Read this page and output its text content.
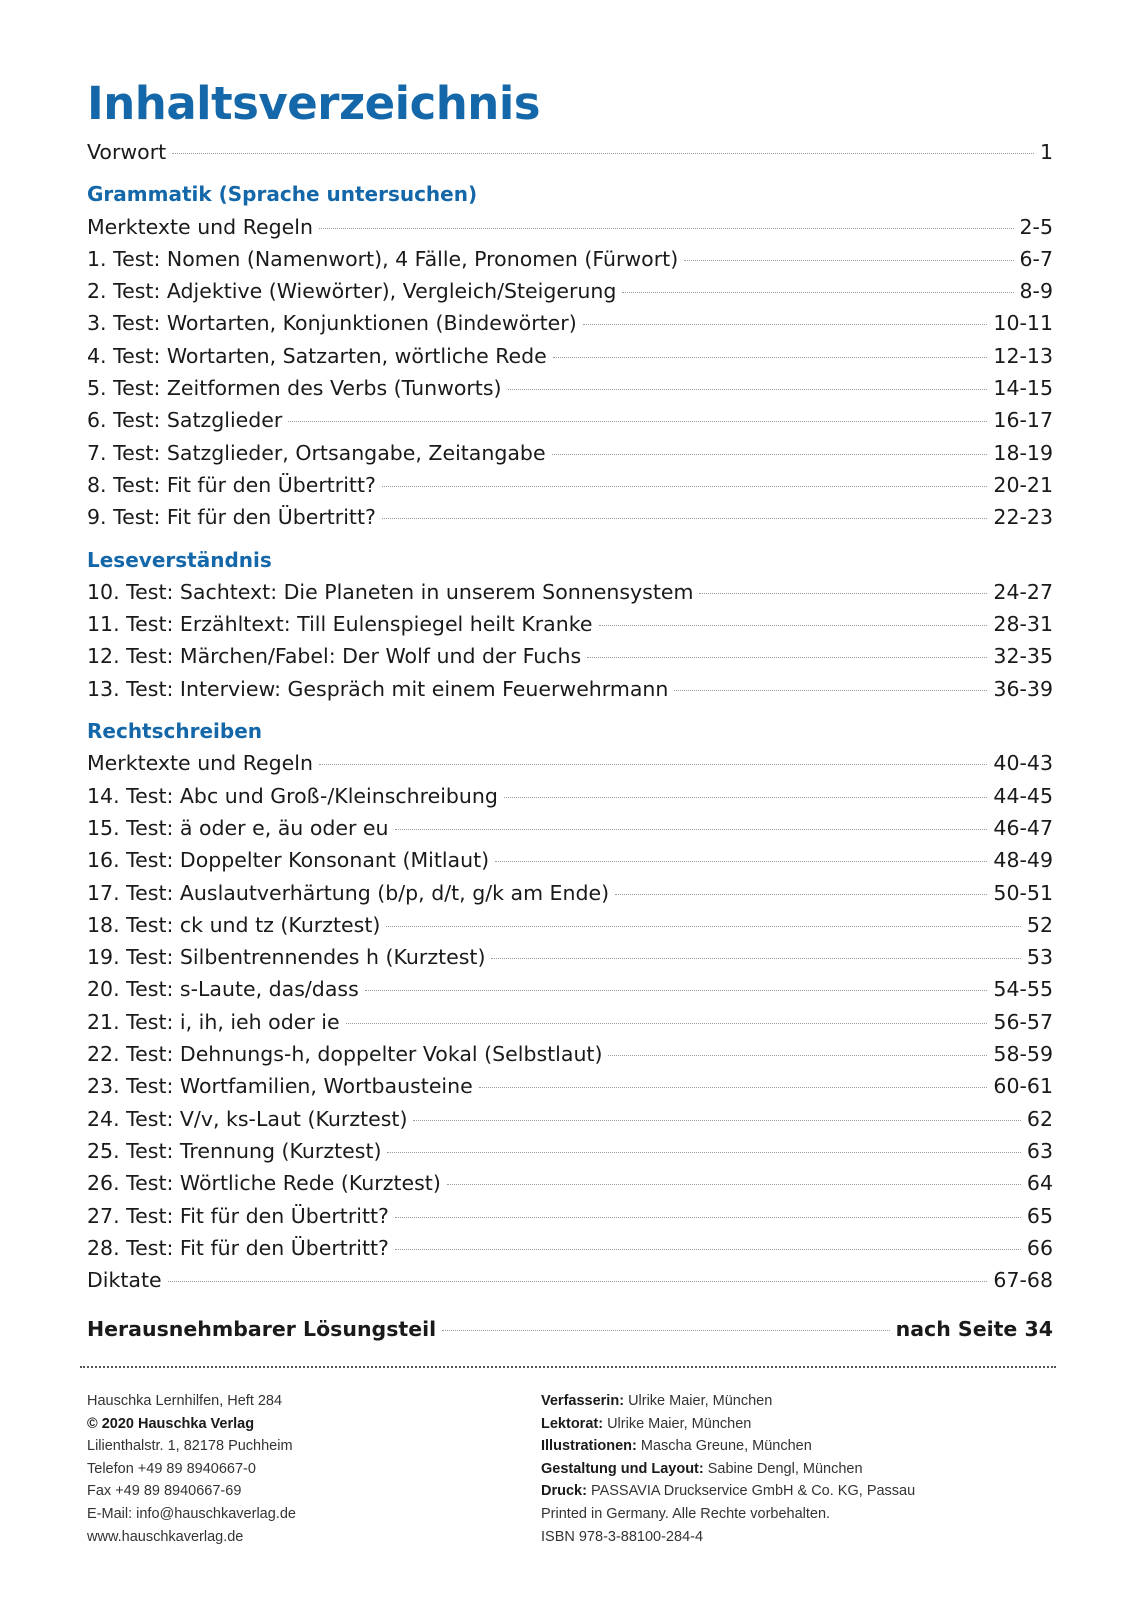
Inhaltsverzeichnis
Vorwort	1
Grammatik (Sprache untersuchen)
Merktexte und Regeln	2-5
1. Test: Nomen (Namenwort), 4 Fälle, Pronomen (Fürwort)	6-7
2. Test: Adjektive (Wiewörter), Vergleich/Steigerung	8-9
3. Test: Wortarten, Konjunktionen (Bindewörter)	10-11
4. Test: Wortarten, Satzarten, wörtliche Rede	12-13
5. Test: Zeitformen des Verbs (Tunworts)	14-15
6. Test: Satzglieder	16-17
7. Test: Satzglieder, Ortsangabe, Zeitangabe	18-19
8. Test: Fit für den Übertritt?	20-21
9. Test: Fit für den Übertritt?	22-23
Leseverständnis
10. Test: Sachtext: Die Planeten in unserem Sonnensystem	24-27
11. Test: Erzähltext: Till Eulenspiegel heilt Kranke	28-31
12. Test: Märchen/Fabel: Der Wolf und der Fuchs	32-35
13. Test: Interview: Gespräch mit einem Feuerwehrmann	36-39
Rechtschreiben
Merktexte und Regeln	40-43
14. Test: Abc und Groß-/Kleinschreibung	44-45
15. Test: ä oder e, äu oder eu	46-47
16. Test: Doppelter Konsonant (Mitlaut)	48-49
17. Test: Auslautverhärtung (b/p, d/t, g/k am Ende)	50-51
18. Test: ck und tz (Kurztest)	52
19. Test: Silbentrennendes h (Kurztest)	53
20. Test: s-Laute, das/dass	54-55
21. Test: i, ih, ieh oder ie	56-57
22. Test: Dehnungs-h, doppelter Vokal (Selbstlaut)	58-59
23. Test: Wortfamilien, Wortbausteine	60-61
24. Test: V/v, ks-Laut (Kurztest)	62
25. Test: Trennung (Kurztest)	63
26. Test: Wörtliche Rede (Kurztest)	64
27. Test: Fit für den Übertritt?	65
28. Test: Fit für den Übertritt?	66
Diktate	67-68
Herausnehmbarer Lösungsteil	nach Seite 34
Hauschka Lernhilfen, Heft 284
© 2020 Hauschka Verlag
Lilienthalstr. 1, 82178 Puchheim
Telefon +49 89 8940667-0
Fax +49 89 8940667-69
E-Mail: info@hauschkaverlag.de
www.hauschkaverlag.de
Verfasserin: Ulrike Maier, München
Lektorat: Ulrike Maier, München
Illustrationen: Mascha Greune, München
Gestaltung und Layout: Sabine Dengl, München
Druck: PASSAVIA Druckservice GmbH & Co. KG, Passau
Printed in Germany. Alle Rechte vorbehalten.
ISBN 978-3-88100-284-4
